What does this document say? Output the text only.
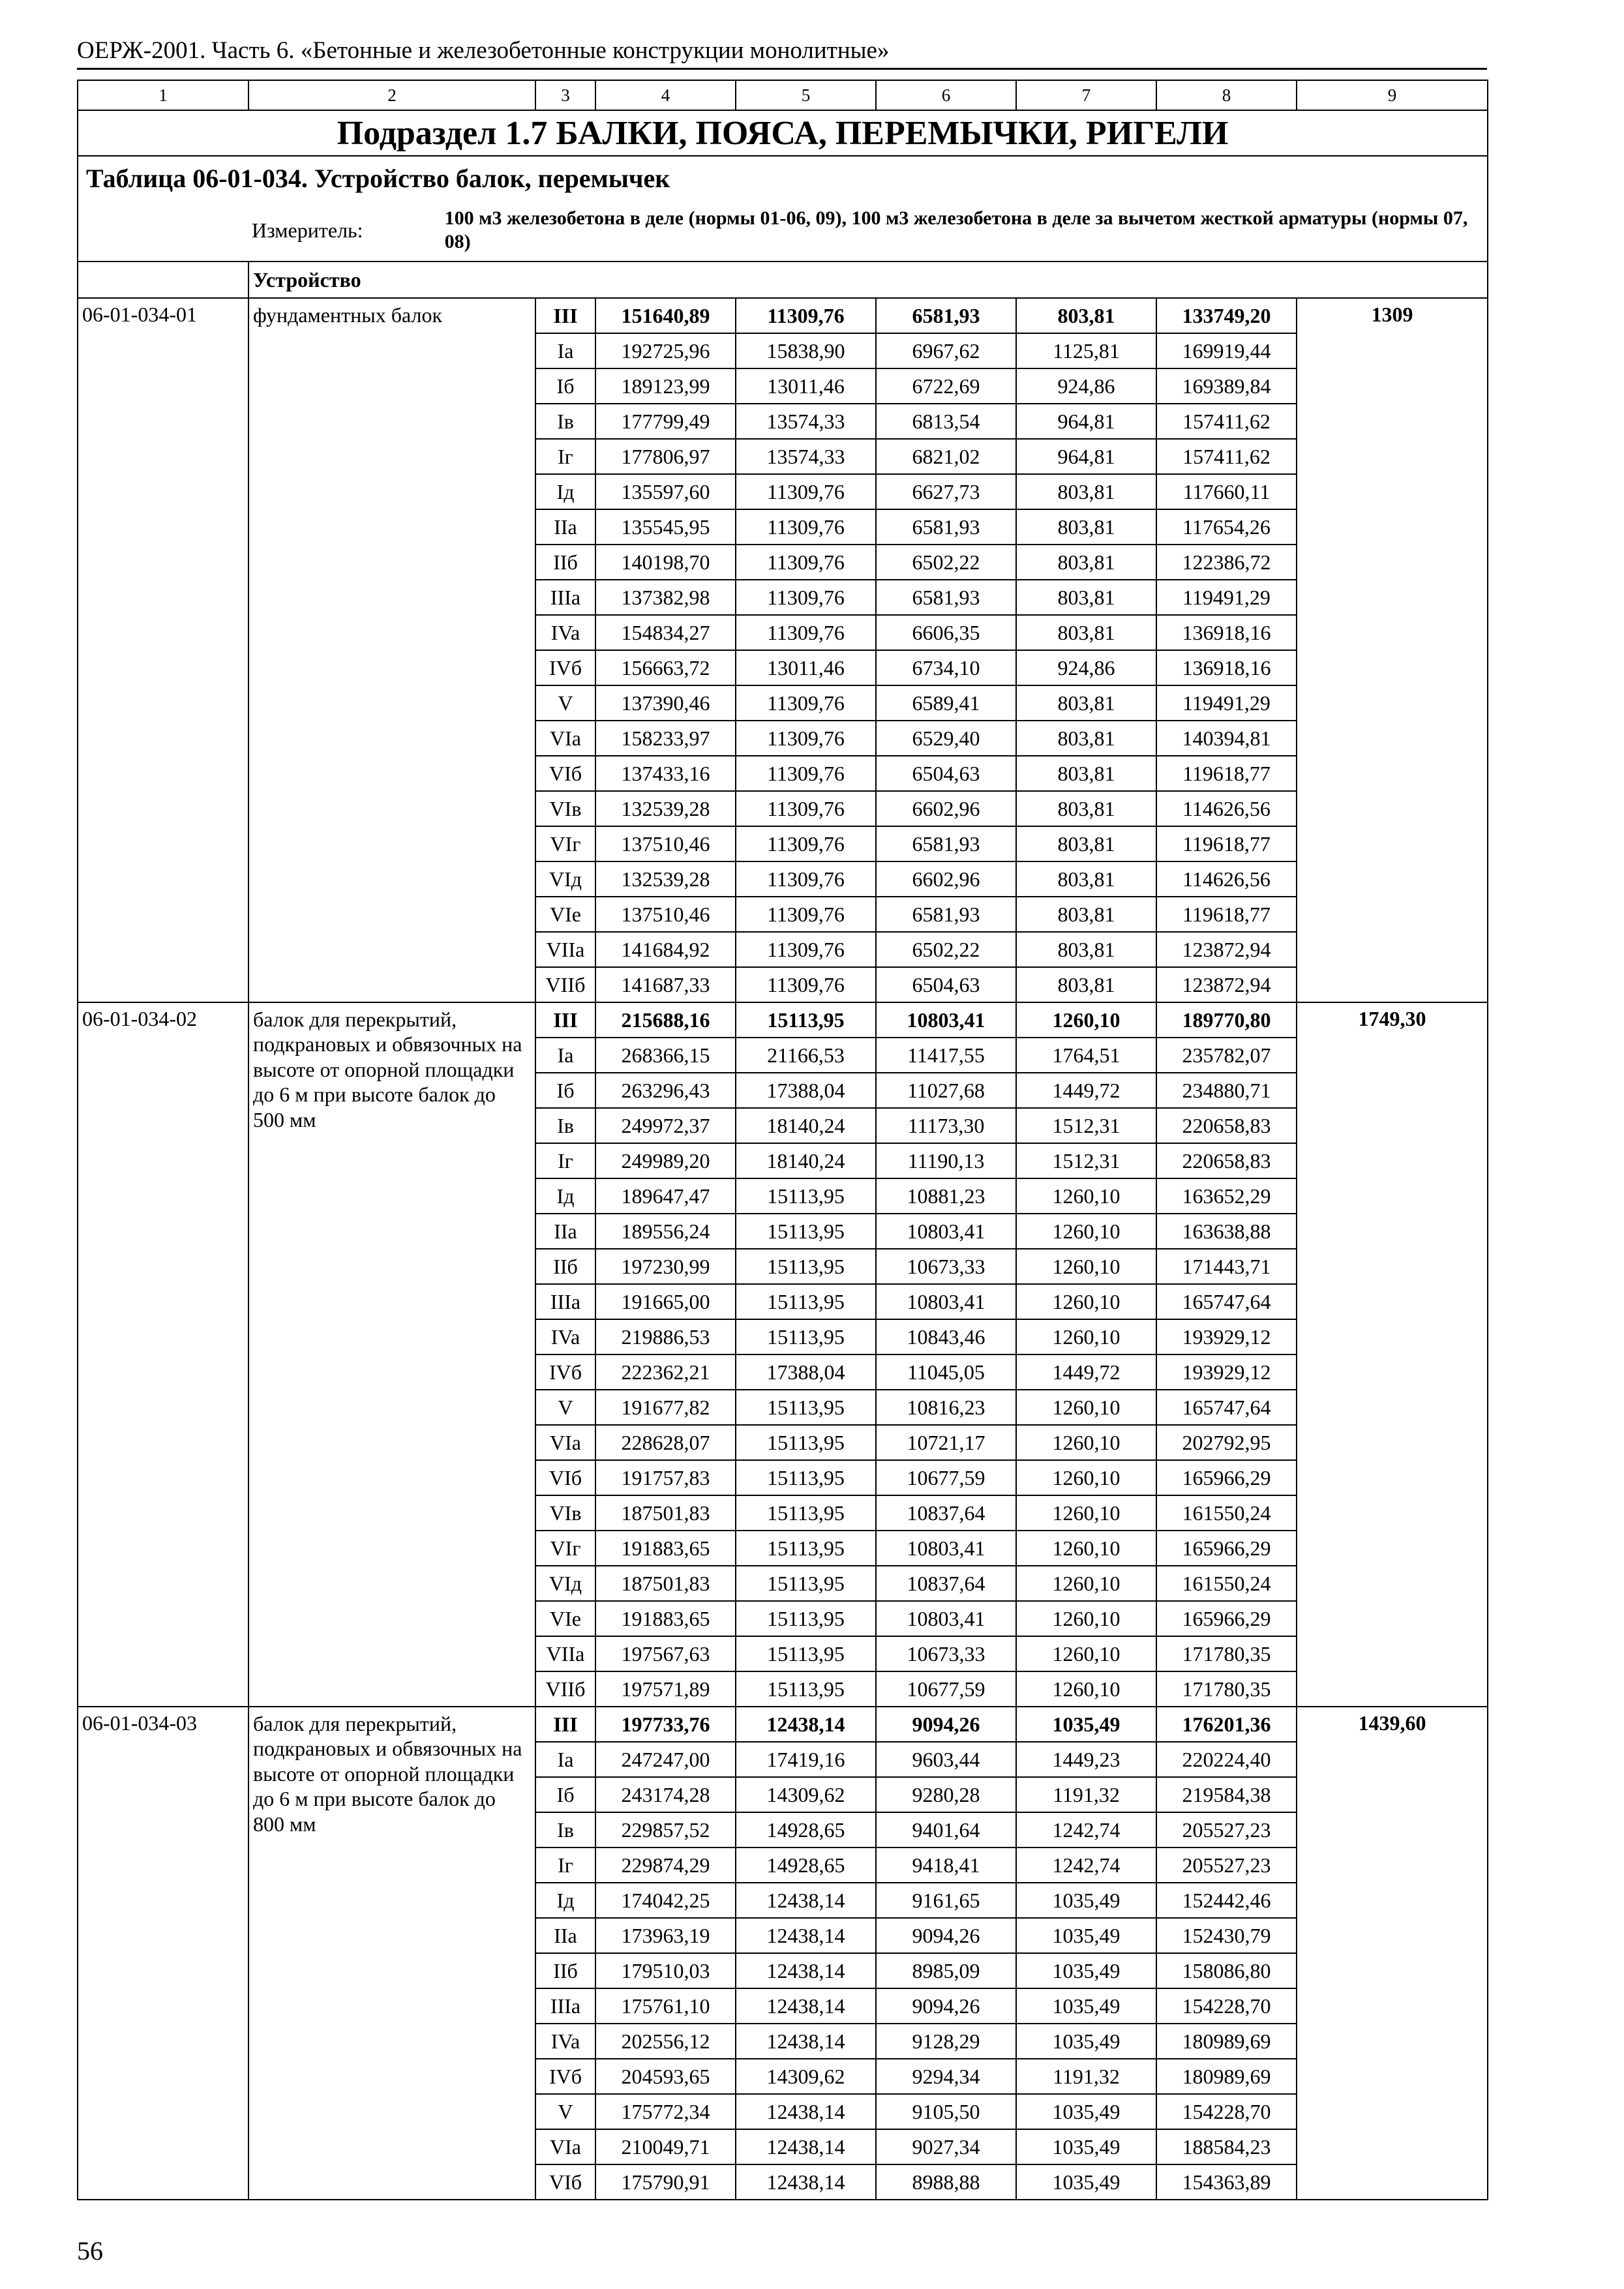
ОЕРЖ-2001. Часть 6. «Бетонные и железобетонные конструкции монолитные»
1	2	3	4	5	6	7	8	9
Подраздел 1.7 БАЛКИ, ПОЯСА, ПЕРЕМЫЧКИ, РИГЕЛИ								
Таблица 06-01-034. Устройство балок, перемычек								

Измеритель: 100 м3 железобетона в деле (нормы 01-06, 09), 100 м3 железобетона в деле за вычетом жесткой арматуры (нормы 07, 08)								

	Устройство							
06-01-034-01	фундаментных балок	III	151640,89	11309,76	6581,93	803,81	133749,20	1309
		Ia	192725,96	15838,90	6967,62	1125,81	169919,44	
		Iб	189123,99	13011,46	6722,69	924,86	169389,84	
		Iв	177799,49	13574,33	6813,54	964,81	157411,62	
		Iг	177806,97	13574,33	6821,02	964,81	157411,62	
		Iд	135597,60	11309,76	6627,73	803,81	117660,11	
		IIa	135545,95	11309,76	6581,93	803,81	117654,26	
		IIб	140198,70	11309,76	6502,22	803,81	122386,72	
		IIIa	137382,98	11309,76	6581,93	803,81	119491,29	
		IVa	154834,27	11309,76	6606,35	803,81	136918,16	
		IVб	156663,72	13011,46	6734,10	924,86	136918,16	
		V	137390,46	11309,76	6589,41	803,81	119491,29	
		VIa	158233,97	11309,76	6529,40	803,81	140394,81	
		VIб	137433,16	11309,76	6504,63	803,81	119618,77	
		VIв	132539,28	11309,76	6602,96	803,81	114626,56	
		VIг	137510,46	11309,76	6581,93	803,81	119618,77	
		VIд	132539,28	11309,76	6602,96	803,81	114626,56	
		VIe	137510,46	11309,76	6581,93	803,81	119618,77	
		VIIa	141684,92	11309,76	6502,22	803,81	123872,94	
		VIIб	141687,33	11309,76	6504,63	803,81	123872,94	
06-01-034-02	балок для перекрытий, подкрановых и обвязочных на высоте от опорной площадки до 6 м при высоте балок до 500 мм	III	215688,16	15113,95	10803,41	1260,10	189770,80	1749,30
		Ia	268366,15	21166,53	11417,55	1764,51	235782,07	
		Iб	263296,43	17388,04	11027,68	1449,72	234880,71	
		Iв	249972,37	18140,24	11173,30	1512,31	220658,83	
		Iг	249989,20	18140,24	11190,13	1512,31	220658,83	
		Iд	189647,47	15113,95	10881,23	1260,10	163652,29	
		IIa	189556,24	15113,95	10803,41	1260,10	163638,88	
		IIб	197230,99	15113,95	10673,33	1260,10	171443,71	
		IIIa	191665,00	15113,95	10803,41	1260,10	165747,64	
		IVa	219886,53	15113,95	10843,46	1260,10	193929,12	
		IVб	222362,21	17388,04	11045,05	1449,72	193929,12	
		V	191677,82	15113,95	10816,23	1260,10	165747,64	
		VIa	228628,07	15113,95	10721,17	1260,10	202792,95	
		VIб	191757,83	15113,95	10677,59	1260,10	165966,29	
		VIв	187501,83	15113,95	10837,64	1260,10	161550,24	
		VIг	191883,65	15113,95	10803,41	1260,10	165966,29	
		VIд	187501,83	15113,95	10837,64	1260,10	161550,24	
		VIe	191883,65	15113,95	10803,41	1260,10	165966,29	
		VIIa	197567,63	15113,95	10673,33	1260,10	171780,35	
		VIIб	197571,89	15113,95	10677,59	1260,10	171780,35	
06-01-034-03	балок для перекрытий, подкрановых и обвязочных на высоте от опорной площадки до 6 м при высоте балок до 800 мм	III	197733,76	12438,14	9094,26	1035,49	176201,36	1439,60
		Ia	247247,00	17419,16	9603,44	1449,23	220224,40	
		Iб	243174,28	14309,62	9280,28	1191,32	219584,38	
		Iв	229857,52	14928,65	9401,64	1242,74	205527,23	
		Iг	229874,29	14928,65	9418,41	1242,74	205527,23	
		Iд	174042,25	12438,14	9161,65	1035,49	152442,46	
		IIa	173963,19	12438,14	9094,26	1035,49	152430,79	
		IIб	179510,03	12438,14	8985,09	1035,49	158086,80	
		IIIa	175761,10	12438,14	9094,26	1035,49	154228,70	
		IVa	202556,12	12438,14	9128,29	1035,49	180989,69	
		IVб	204593,65	14309,62	9294,34	1191,32	180989,69	
		V	175772,34	12438,14	9105,50	1035,49	154228,70	
		VIa	210049,71	12438,14	9027,34	1035,49	188584,23	
		VIб	175790,91	12438,14	8988,88	1035,49	154363,89	
56
